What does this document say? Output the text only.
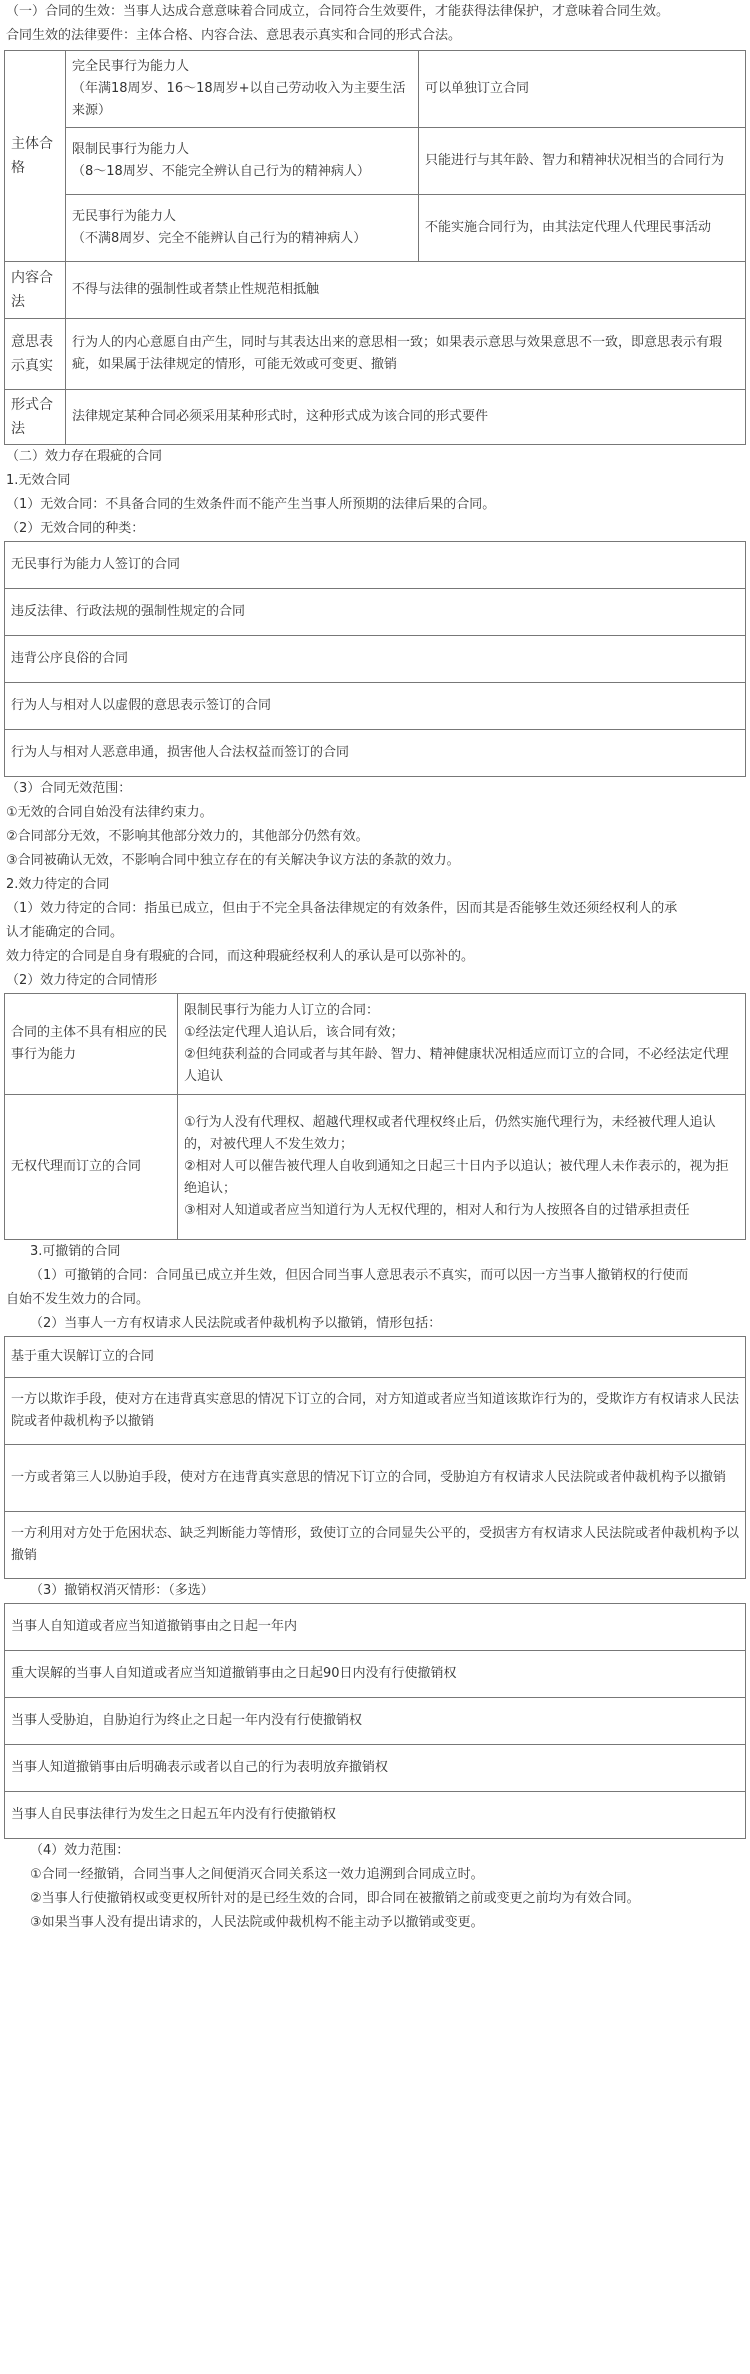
（一）合同的生效：当事人达成合意意味着合同成立，合同符合生效要件，才能获得法律保护，才意味着合同生效。

合同生效的法律要件：主体合格、内容合法、意思表示真实和合同的形式合法。

主体合格	完全民事行为能力人
（年满18周岁、16～18周岁+以自己劳动收入为主要生活来源）	可以单独订立合同

	限制民事行为能力人
（8～18周岁、不能完全辨认自己行为的精神病人）	只能进行与其年龄、智力和精神状况相当的合同行为

	无民事行为能力人
（不满8周岁、完全不能辨认自己行为的精神病人）	不能实施合同行为，由其法定代理人代理民事活动
内容合法	不得与法律的强制性或者禁止性规范相抵触	
意思表示真实	行为人的内心意愿自由产生，同时与其表达出来的意思相一致；如果表示意思与效果意思不一致，即意思表示有瑕疵，如果属于法律规定的情形，可能无效或可变更、撤销	
形式合法	法律规定某种合同必须采用某种形式时，这种形式成为该合同的形式要件	

（二）效力存在瑕疵的合同

1.无效合同

（1）无效合同：不具备合同的生效条件而不能产生当事人所预期的法律后果的合同。

（2）无效合同的种类：

无民事行为能力人签订的合同
违反法律、行政法规的强制性规定的合同
违背公序良俗的合同
行为人与相对人以虚假的意思表示签订的合同
行为人与相对人恶意串通，损害他人合法权益而签订的合同

（3）合同无效范围：

①无效的合同自始没有法律约束力。

②合同部分无效，不影响其他部分效力的，其他部分仍然有效。

③合同被确认无效，不影响合同中独立存在的有关解决争议方法的条款的效力。

2.效力待定的合同

（1）效力待定的合同：指虽已成立，但由于不完全具备法律规定的有效条件，因而其是否能够生效还须经权利人的承

认才能确定的合同。

效力待定的合同是自身有瑕疵的合同，而这种瑕疵经权利人的承认是可以弥补的。

（2）效力待定的合同情形

合同的主体不具有相应的民事行为能力	限制民事行为能力人订立的合同：
①经法定代理人追认后，该合同有效；
②但纯获利益的合同或者与其年龄、智力、精神健康状况相适应而订立的合同，不必经法定代理人追认

无权代理而订立的合同	①行为人没有代理权、超越代理权或者代理权终止后，仍然实施代理行为，未经被代理人追认的，对被代理人不发生效力；
②相对人可以催告被代理人自收到通知之日起三十日内予以追认；被代理人未作表示的，视为拒绝追认；
③相对人知道或者应当知道行为人无权代理的，相对人和行为人按照各自的过错承担责任

3.可撤销的合同

（1）可撤销的合同：合同虽已成立并生效，但因合同当事人意思表示不真实，而可以因一方当事人撤销权的行使而

自始不发生效力的合同。

（2）当事人一方有权请求人民法院或者仲裁机构予以撤销，情形包括：

基于重大误解订立的合同
一方以欺诈手段，使对方在违背真实意思的情况下订立的合同，对方知道或者应当知道该欺诈行为的，受欺诈方有权请求人民法院或者仲裁机构予以撤销
一方或者第三人以胁迫手段，使对方在违背真实意思的情况下订立的合同，受胁迫方有权请求人民法院或者仲裁机构予以撤销
一方利用对方处于危困状态、缺乏判断能力等情形，致使订立的合同显失公平的，受损害方有权请求人民法院或者仲裁机构予以撤销

（3）撤销权消灭情形：（多选）

当事人自知道或者应当知道撤销事由之日起一年内
重大误解的当事人自知道或者应当知道撤销事由之日起90日内没有行使撤销权
当事人受胁迫，自胁迫行为终止之日起一年内没有行使撤销权
当事人知道撤销事由后明确表示或者以自己的行为表明放弃撤销权
当事人自民事法律行为发生之日起五年内没有行使撤销权

（4）效力范围：

①合同一经撤销，合同当事人之间便消灭合同关系这一效力追溯到合同成立时。

②当事人行使撤销权或变更权所针对的是已经生效的合同，即合同在被撤销之前或变更之前均为有效合同。

③如果当事人没有提出请求的，人民法院或仲裁机构不能主动予以撤销或变更。
